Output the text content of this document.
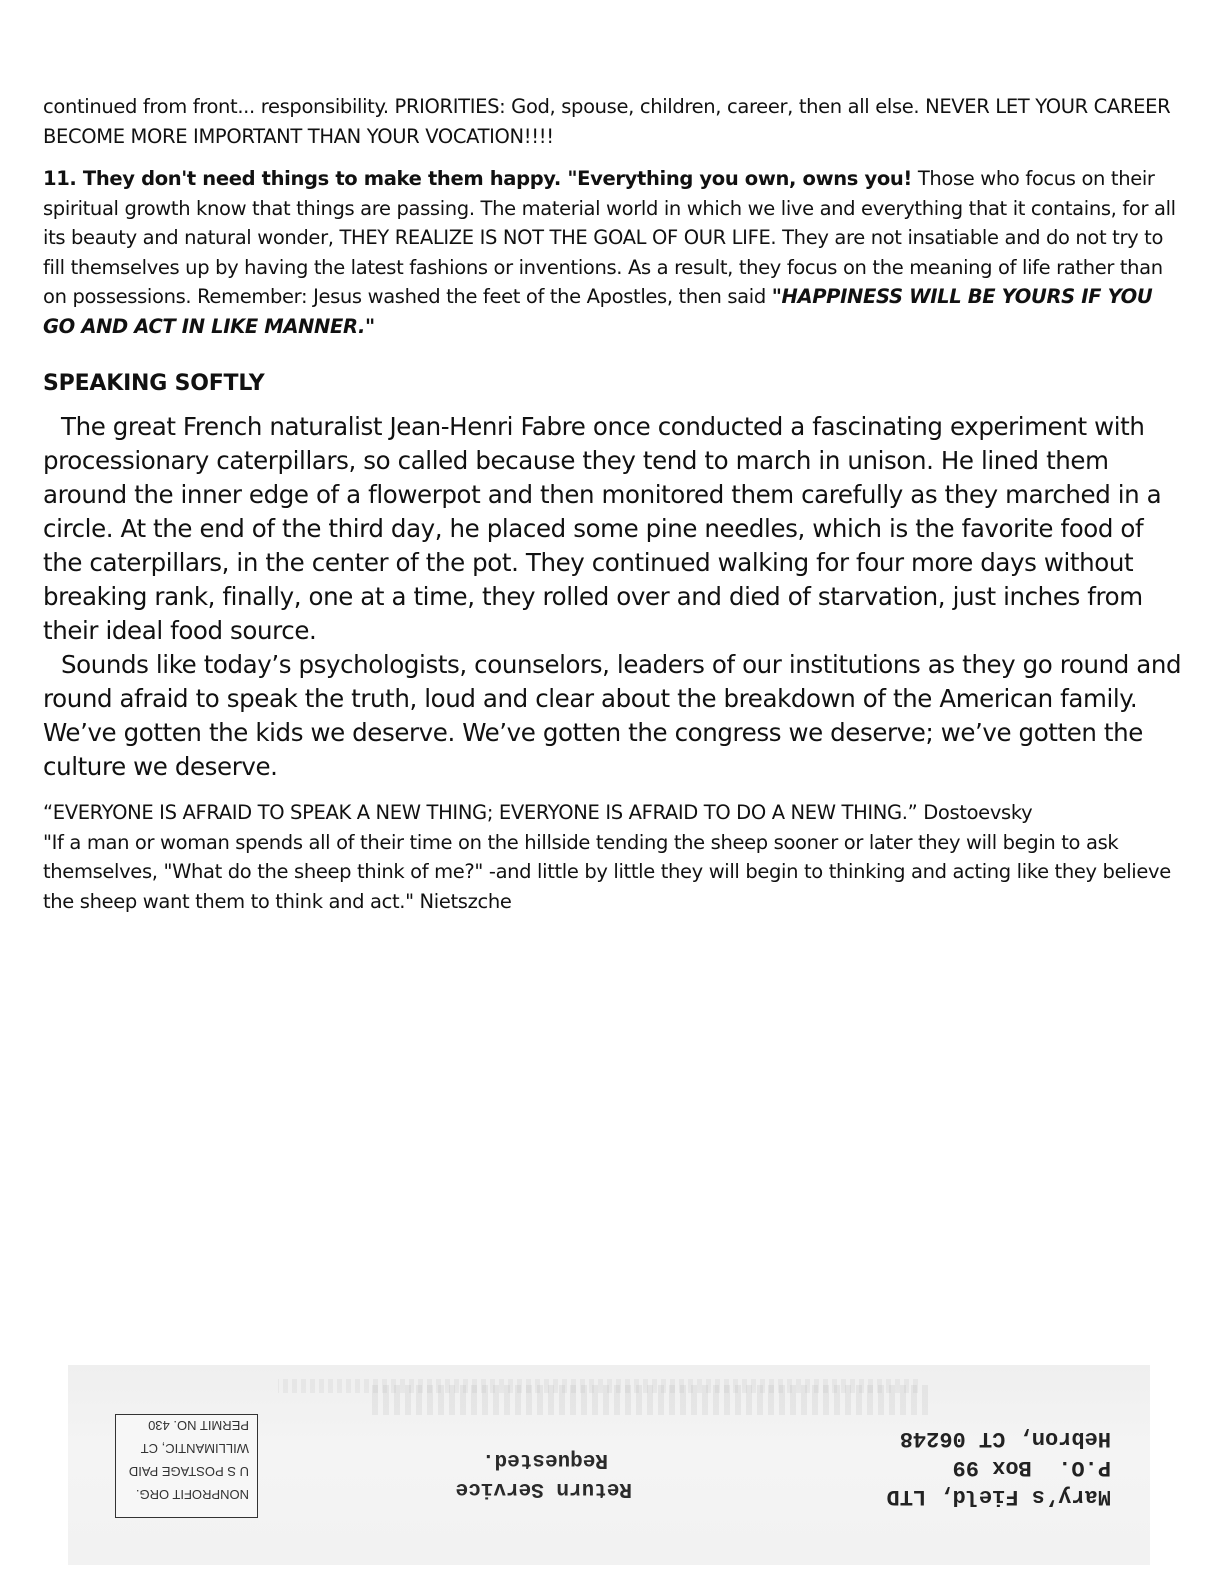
continued from front... responsibility. PRIORITIES: God, spouse, children, career, then all else. NEVER LET YOUR CAREER BECOME MORE IMPORTANT THAN YOUR VOCATION!!!!

11. They don't need things to make them happy. "Everything you own, owns you! Those who focus on their spiritual growth know that things are passing. The material world in which we live and everything that it contains, for all its beauty and natural wonder, THEY REALIZE IS NOT THE GOAL OF OUR LIFE. They are not insatiable and do not try to fill themselves up by having the latest fashions or inventions. As a result, they focus on the meaning of life rather than on possessions. Remember: Jesus washed the feet of the Apostles, then said "HAPPINESS WILL BE YOURS IF YOU GO AND ACT IN LIKE MANNER."

SPEAKING SOFTLY

The great French naturalist Jean-Henri Fabre once conducted a fascinating experiment with processionary caterpillars, so called because they tend to march in unison. He lined them around the inner edge of a flowerpot and then monitored them carefully as they marched in a circle. At the end of the third day, he placed some pine needles, which is the favorite food of the caterpillars, in the center of the pot. They continued walking for four more days without breaking rank, finally, one at a time, they rolled over and died of starvation, just inches from their ideal food source.

Sounds like today’s psychologists, counselors, leaders of our institutions as they go round and round afraid to speak the truth, loud and clear about the breakdown of the American family. We’ve gotten the kids we deserve. We’ve gotten the congress we deserve; we’ve gotten the culture we deserve.

“EVERYONE IS AFRAID TO SPEAK A NEW THING; EVERYONE IS AFRAID TO DO A NEW THING.” Dostoevsky

"If a man or woman spends all of their time on the hillside tending the sheep sooner or later they will begin to ask themselves, "What do the sheep think of me?" -and little by little they will begin to thinking and acting like they believe the sheep want them to think and act." Nietszche

Mary’s Field, LTD
P.O.  Box 99
Hebron, CT 06248
Return Service
Requested.
NONPROFIT ORG.
U S POSTAGE PAID
WILLIMANTIC, CT
PERMIT NO. 430
